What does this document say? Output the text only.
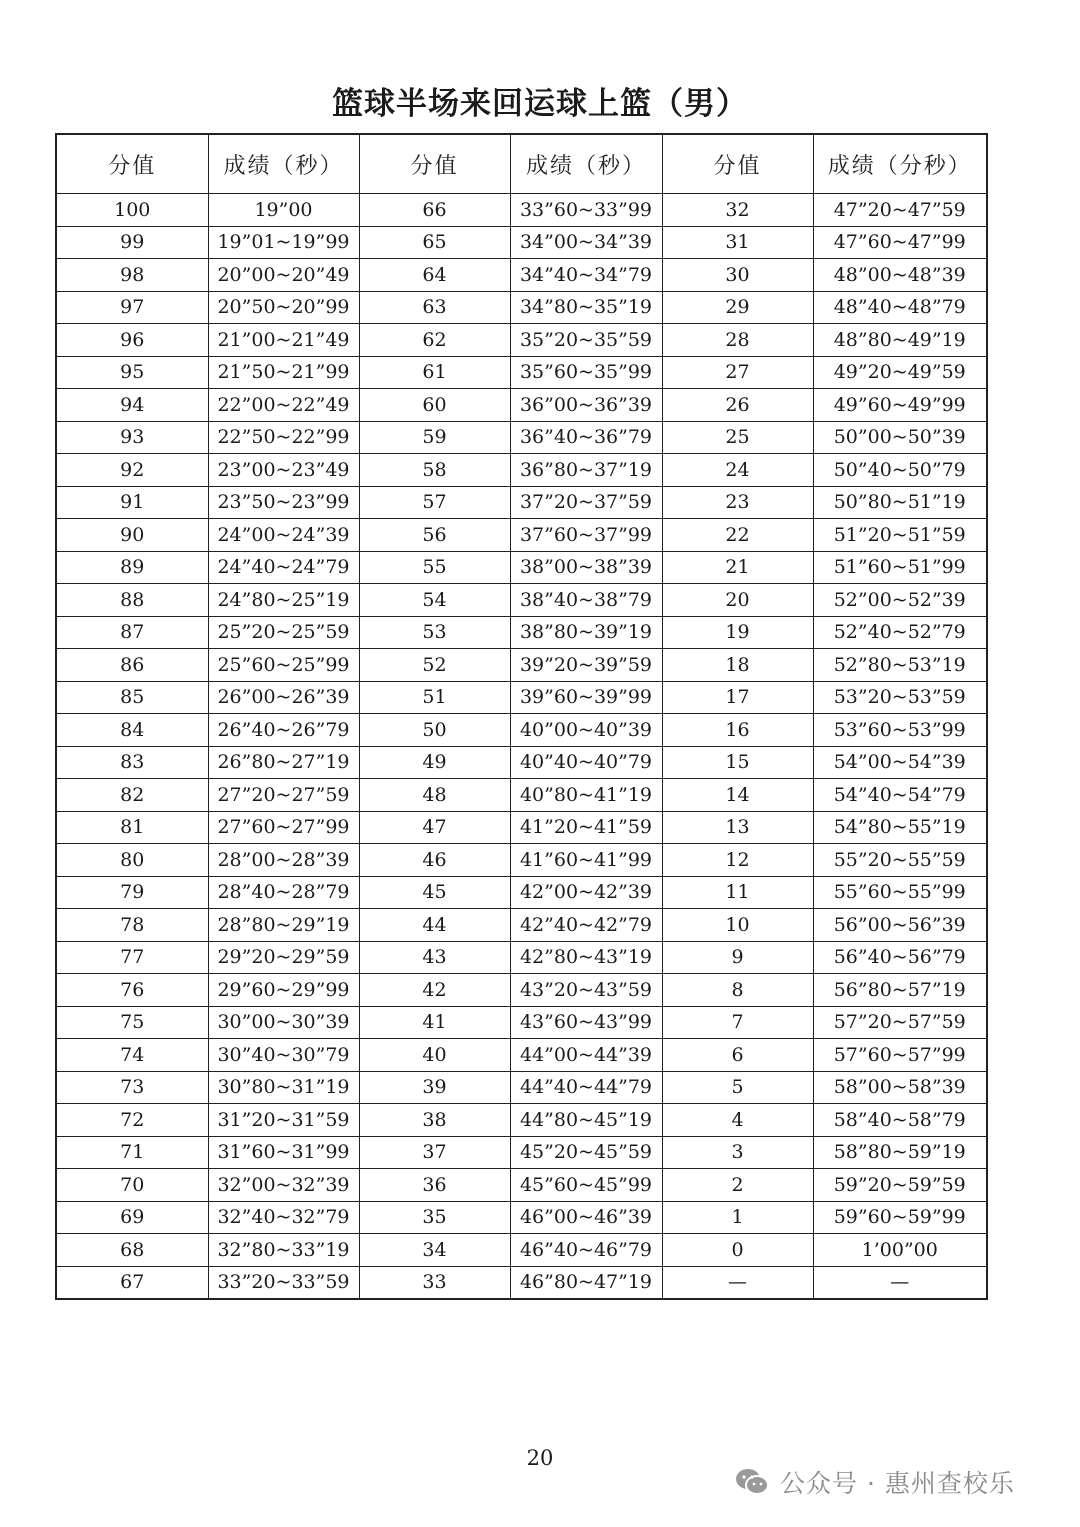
篮球半场来回运球上篮（男）
分值	成绩（秒）	分值	成绩（秒）	分值	成绩（分秒）
100	19”00	66	33”60~33”99	32	47”20~47”59
99	19”01~19”99	65	34”00~34”39	31	47”60~47”99
98	20”00~20”49	64	34”40~34”79	30	48”00~48”39
97	20”50~20”99	63	34”80~35”19	29	48”40~48”79
96	21”00~21”49	62	35”20~35”59	28	48”80~49”19
95	21”50~21”99	61	35”60~35”99	27	49”20~49”59
94	22”00~22”49	60	36”00~36”39	26	49”60~49”99
93	22”50~22”99	59	36”40~36”79	25	50”00~50”39
92	23”00~23”49	58	36”80~37”19	24	50”40~50”79
91	23”50~23”99	57	37”20~37”59	23	50”80~51”19
90	24”00~24”39	56	37”60~37”99	22	51”20~51”59
89	24”40~24”79	55	38”00~38”39	21	51”60~51”99
88	24”80~25”19	54	38”40~38”79	20	52”00~52”39
87	25”20~25”59	53	38”80~39”19	19	52”40~52”79
86	25”60~25”99	52	39”20~39”59	18	52”80~53”19
85	26”00~26”39	51	39”60~39”99	17	53”20~53”59
84	26”40~26”79	50	40”00~40”39	16	53”60~53”99
83	26”80~27”19	49	40”40~40”79	15	54”00~54”39
82	27”20~27”59	48	40”80~41”19	14	54”40~54”79
81	27”60~27”99	47	41”20~41”59	13	54”80~55”19
80	28”00~28”39	46	41”60~41”99	12	55”20~55”59
79	28”40~28”79	45	42”00~42”39	11	55”60~55”99
78	28”80~29”19	44	42”40~42”79	10	56”00~56”39
77	29”20~29”59	43	42”80~43”19	9	56”40~56”79
76	29”60~29”99	42	43”20~43”59	8	56”80~57”19
75	30”00~30”39	41	43”60~43”99	7	57”20~57”59
74	30”40~30”79	40	44”00~44”39	6	57”60~57”99
73	30”80~31”19	39	44”40~44”79	5	58”00~58”39
72	31”20~31”59	38	44”80~45”19	4	58”40~58”79
71	31”60~31”99	37	45”20~45”59	3	58”80~59”19
70	32”00~32”39	36	45”60~45”99	2	59”20~59”59
69	32”40~32”79	35	46”00~46”39	1	59”60~59”99
68	32”80~33”19	34	46”40~46”79	0	1’00”00
67	33”20~33”59	33	46”80~47”19	—	—
20
公众号 · 惠州查校乐
